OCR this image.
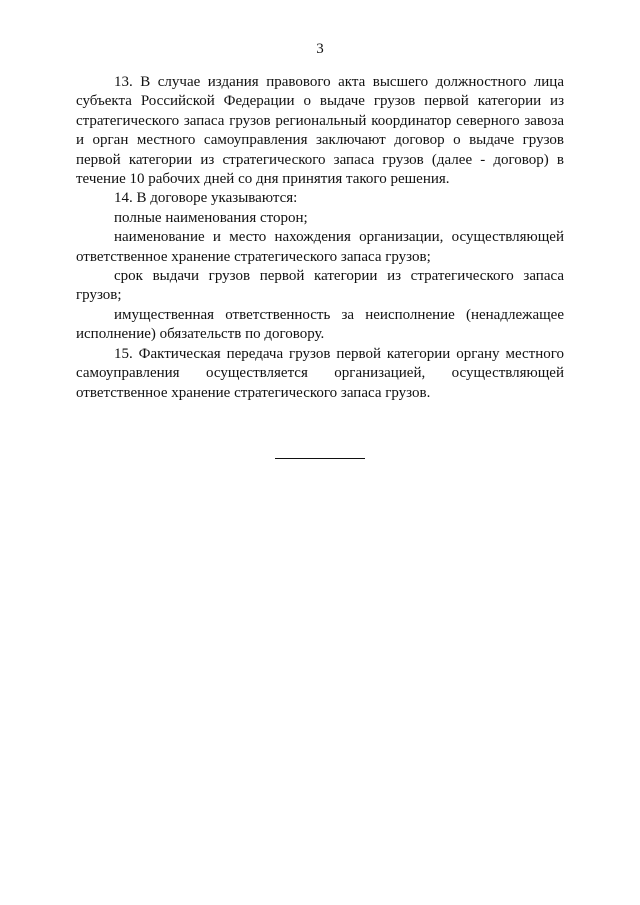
3

13. В случае издания правового акта высшего должностного лица субъекта Российской Федерации о выдаче грузов первой категории из стратегического запаса грузов региональный координатор северного завоза и орган местного самоуправления заключают договор о выдаче грузов первой категории из стратегического запаса грузов (далее - договор) в течение 10 рабочих дней со дня принятия такого решения.

14. В договоре указываются:

полные наименования сторон;

наименование и место нахождения организации, осуществляющей ответственное хранение стратегического запаса грузов;

срок выдачи грузов первой категории из стратегического запаса грузов;

имущественная ответственность за неисполнение (ненадлежащее исполнение) обязательств по договору.

15. Фактическая передача грузов первой категории органу местного самоуправления осуществляется организацией, осуществляющей ответственное хранение стратегического запаса грузов.
